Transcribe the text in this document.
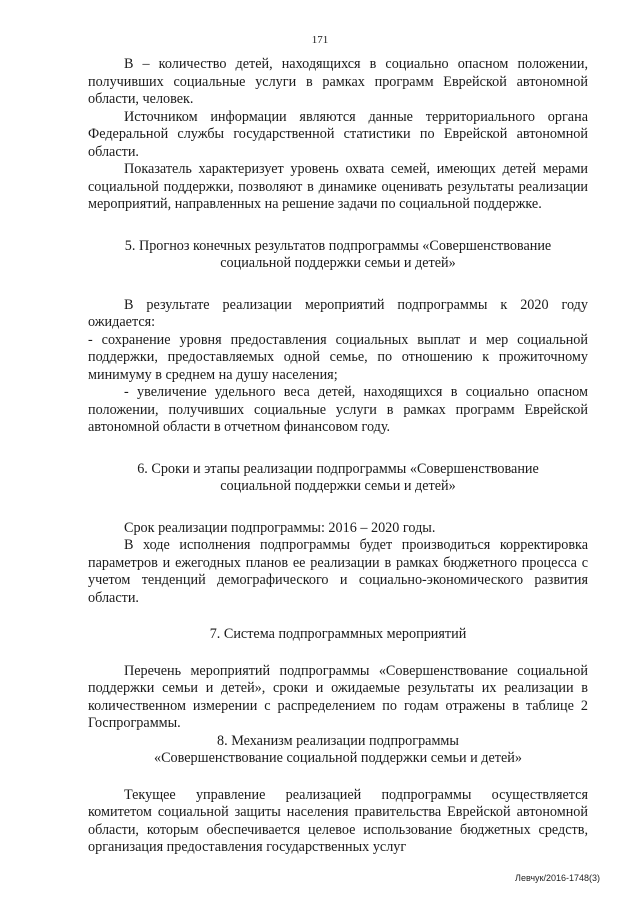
171

В – количество детей, находящихся в социально опасном положении, получивших социальные услуги в рамках программ Еврейской автономной области, человек.

Источником информации являются данные территориального органа Федеральной службы государственной статистики по Еврейской автономной области.

Показатель характеризует уровень охвата семей, имеющих детей мерами социальной поддержки, позволяют в динамике оценивать результаты реализации мероприятий, направленных на решение задачи по социальной поддержке.

5. Прогноз конечных результатов подпрограммы «Совершенствование

социальной поддержки семьи и детей»

В результате реализации мероприятий подпрограммы к 2020 году ожидается:

- сохранение уровня предоставления социальных выплат и мер социальной поддержки, предоставляемых одной семье, по отношению к прожиточному минимуму в среднем на душу населения;

- увеличение удельного веса детей, находящихся в социально опасном положении, получивших социальные услуги в рамках программ Еврейской автономной области в отчетном финансовом году.

6. Сроки и этапы реализации подпрограммы «Совершенствование

социальной поддержки семьи и детей»

Срок реализации подпрограммы: 2016 – 2020 годы.

В ходе исполнения подпрограммы будет производиться корректировка параметров и ежегодных планов ее реализации в рамках бюджетного процесса с учетом тенденций демографического и социально-экономического развития области.

7. Система подпрограммных мероприятий

Перечень мероприятий подпрограммы «Совершенствование социальной поддержки семьи и детей», сроки и ожидаемые результаты их реализации в количественном измерении с распределением по годам отражены в таблице 2 Госпрограммы.

8. Механизм реализации подпрограммы

«Совершенствование социальной поддержки семьи и детей»

Текущее управление реализацией подпрограммы осуществляется комитетом социальной защиты населения правительства Еврейской автономной области, которым обеспечивается целевое использование бюджетных средств, организация предоставления государственных услуг

Левчук/2016-1748(3)
